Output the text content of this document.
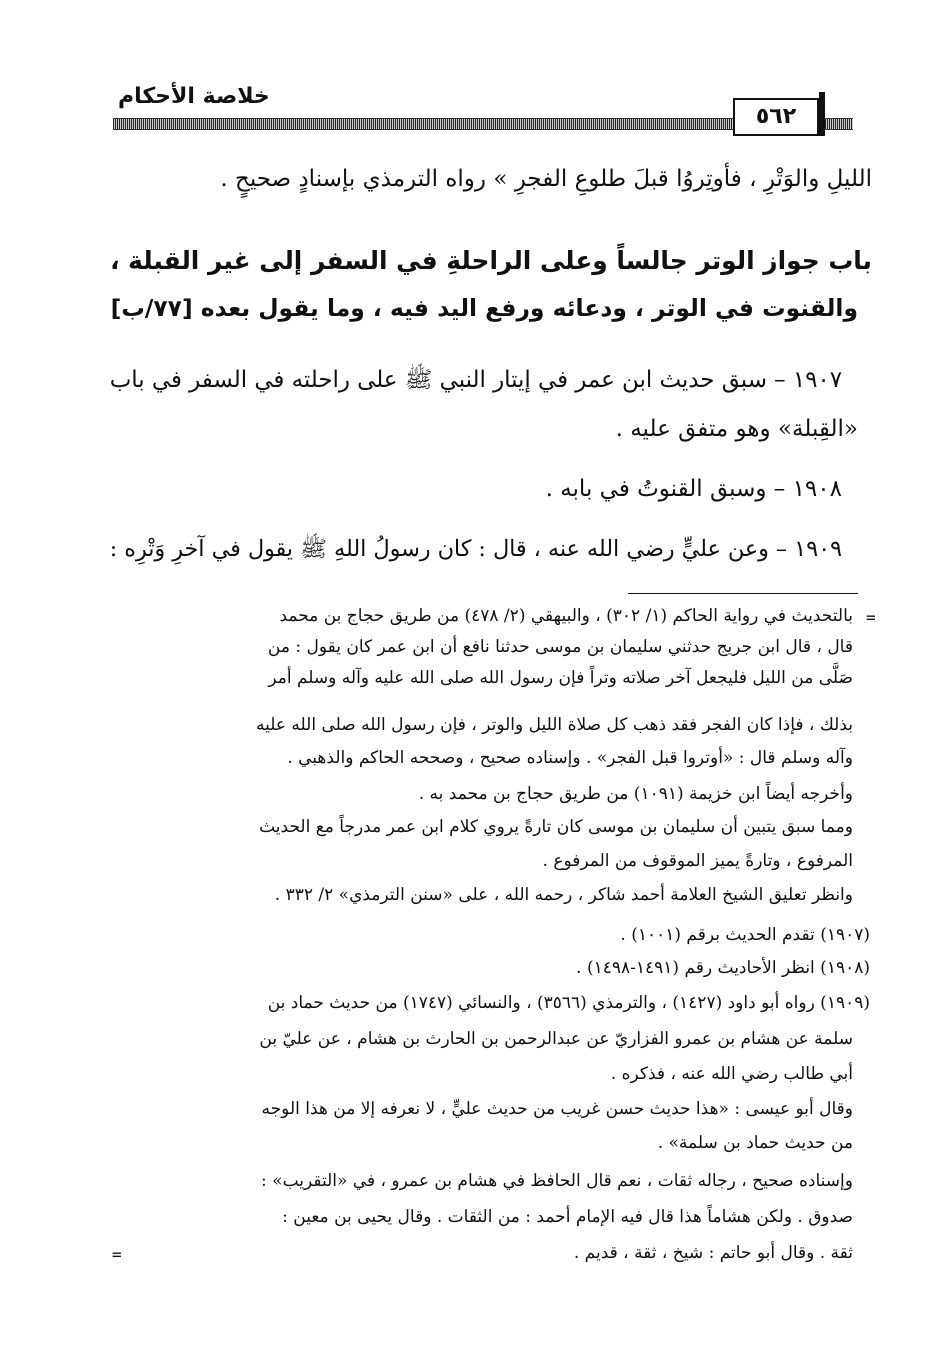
خلاصة الأحكام
٥٦٢
الليلِ والوَتْرِ ، فأوتِروُا قبلَ طلوعِ الفجرِ » رواه الترمذي بإسنادٍ صحيحٍ .
باب جواز الوتر جالساً وعلى الراحلةِ في السفر إلى غير القبلة ،
والقنوت في الوتر ، ودعائه ورفع اليد فيه ، وما يقول بعده [٧٧/ب]
١٩٠٧ – سبق حديث ابن عمر في إيتار النبي ﷺ على راحلته في السفر في باب
«القِبلة» وهو متفق عليه .
١٩٠٨ – وسبق القنوتُ في بابه .
١٩٠٩ – وعن عليٍّ رضي الله عنه ، قال : كان رسولُ اللهِ ﷺ يقول في آخرِ وَتْرِه :
=
بالتحديث في رواية الحاكم (١/ ٣٠٢) ، والبيهقي (٢/ ٤٧٨) من طريق حجاج بن محمد
قال ، قال ابن جريج حدثني سليمان بن موسى حدثنا نافع أن ابن عمر كان يقول : من
صَلَّى من الليل فليجعل آخر صلاته وتراً فإن رسول الله صلى الله عليه وآله وسلم أمر
بذلك ، فإذا كان الفجر فقد ذهب كل صلاة الليل والوتر ، فإن رسول الله صلى الله عليه
وآله وسلم قال : «أوتروا قبل الفجر» . وإسناده صحيح ، وصححه الحاكم والذهبي .
وأخرجه أيضاً ابن خزيمة (١٠٩١) من طريق حجاج بن محمد به .
ومما سبق يتبين أن سليمان بن موسى كان تارةً يروي كلام ابن عمر مدرجاً مع الحديث
المرفوع ، وتارةً يميز الموقوف من المرفوع .
وانظر تعليق الشيخ العلامة أحمد شاكر ، رحمه الله ، على «سنن الترمذي» ٢/ ٣٣٢ .
(١٩٠٧) تقدم الحديث برقم (١٠٠١) .
(١٩٠٨) انظر الأحاديث رقم (١٤٩١-١٤٩٨) .
(١٩٠٩) رواه أبو داود (١٤٢٧) ، والترمذي (٣٥٦٦) ، والنسائي (١٧٤٧) من حديث حماد بن
سلمة عن هشام بن عمرو الفزاريّ عن عبدالرحمن بن الحارث بن هشام ، عن عليّ بن
أبي طالب رضي الله عنه ، فذكره .
وقال أبو عيسى : «هذا حديث حسن غريب من حديث عليٍّ ، لا نعرفه إلا من هذا الوجه
من حديث حماد بن سلمة» .
وإسناده صحيح ، رجاله ثقات ، نعم قال الحافظ في هشام بن عمرو ، في «التقريب» :
صدوق . ولكن هشاماً هذا قال فيه الإمام أحمد : من الثقات . وقال يحيى بن معين :
ثقة . وقال أبو حاتم : شيخ ، ثقة ، قديم .
=
